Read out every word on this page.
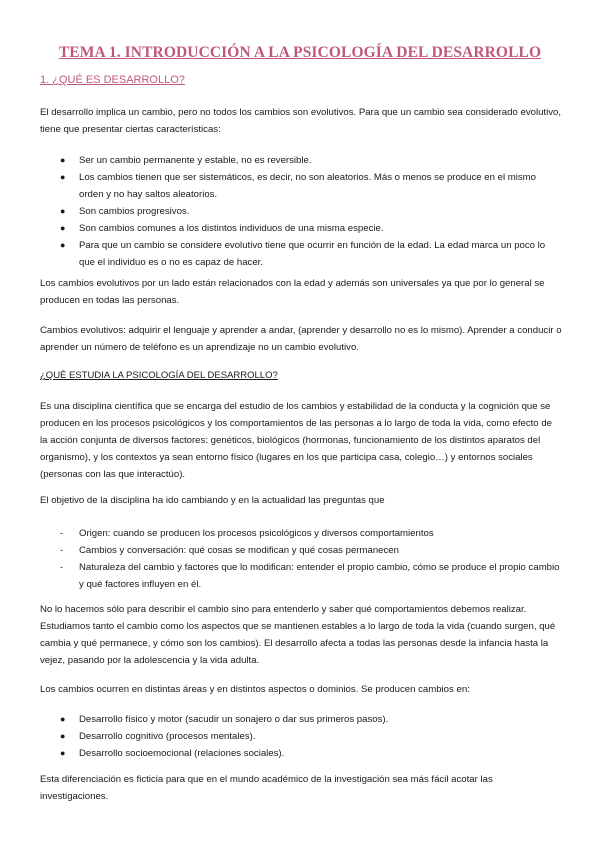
TEMA 1. INTRODUCCIÓN A LA PSICOLOGÍA DEL DESARROLLO
1. ¿QUÉ ES DESARROLLO?

El desarrollo implica un cambio, pero no todos los cambios son evolutivos. Para que un cambio sea considerado evolutivo, tiene que presentar ciertas características:

● Ser un cambio permanente y estable, no es reversible.
● Los cambios tienen que ser sistemáticos, es decir, no son aleatorios. Más o menos se produce en el mismo orden y no hay saltos aleatorios.
● Son cambios progresivos.
● Son cambios comunes a los distintos individuos de una misma especie.
● Para que un cambio se considere evolutivo tiene que ocurrir en función de la edad. La edad marca un poco lo que el individuo es o no es capaz de hacer.

Los cambios evolutivos por un lado están relacionados con la edad y además son universales ya que por lo general se producen en todas las personas.

Cambios evolutivos: adquirir el lenguaje y aprender a andar, (aprender y desarrollo no es lo mismo). Aprender a conducir o aprender un número de teléfono es un aprendizaje no un cambio evolutivo.

¿QUÉ ESTUDIA LA PSICOLOGÍA DEL DESARROLLO?

Es una disciplina científica que se encarga del estudio de los cambios y estabilidad de la conducta y la cognición que se producen en los procesos psicológicos y los comportamientos de las personas a lo largo de toda la vida, como efecto de la acción conjunta de diversos factores: genéticos, biológicos (hormonas, funcionamiento de los distintos aparatos del organismo), y los contextos ya sean entorno físico (lugares en los que participa casa, colegio…) y entornos sociales (personas con las que interactúo).

El objetivo de la disciplina ha ido cambiando y en la actualidad las preguntas que

- Origen: cuando se producen los procesos psicológicos y diversos comportamientos
- Cambios y conversación: qué cosas se modifican y qué cosas permanecen
- Naturaleza del cambio y factores que lo modifican: entender el propio cambio, cómo se produce el propio cambio y qué factores influyen en él.

No lo hacemos sólo para describir el cambio sino para entenderlo y saber qué comportamientos debemos realizar. Estudiamos tanto el cambio como los aspectos que se mantienen estables a lo largo de toda la vida (cuando surgen, qué cambia y qué permanece, y cómo son los cambios). El desarrollo afecta a todas las personas desde la infancia hasta la vejez, pasando por la adolescencia y la vida adulta.

Los cambios ocurren en distintas áreas y en distintos aspectos o dominios. Se producen cambios en:

● Desarrollo físico y motor (sacudir un sonajero o dar sus primeros pasos).
● Desarrollo cognitivo (procesos mentales).
● Desarrollo socioemocional (relaciones sociales).

Esta diferenciación es ficticia para que en el mundo académico de la investigación sea más fácil acotar las investigaciones.
